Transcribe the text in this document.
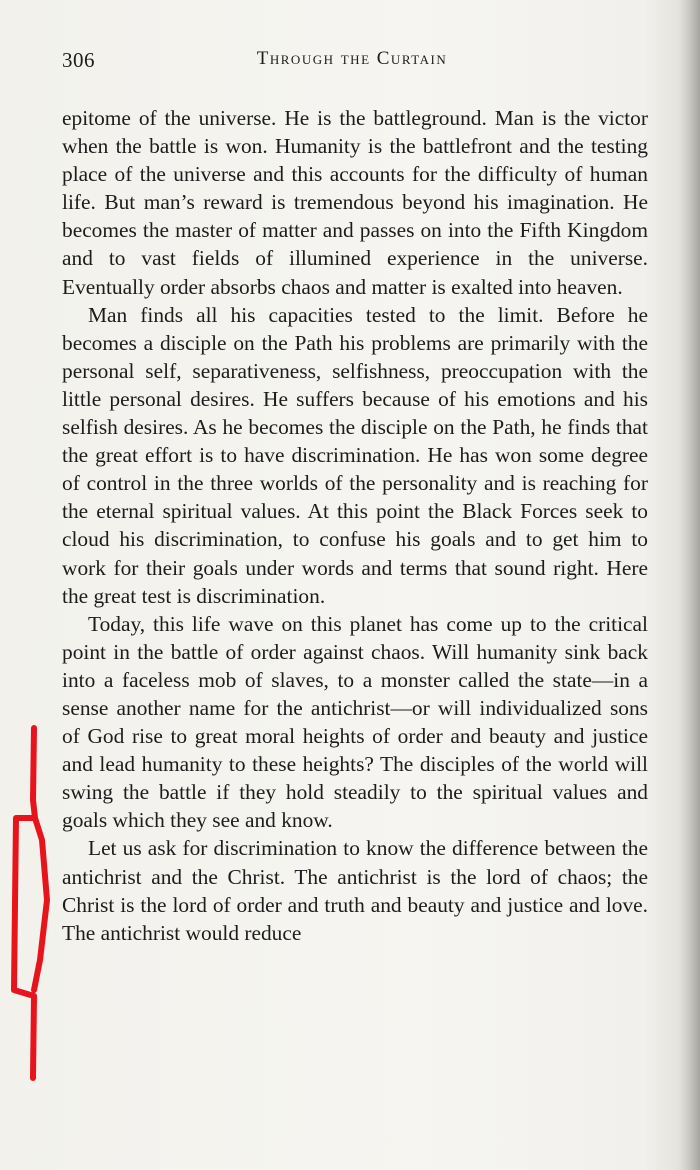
306	Through the Curtain

epitome of the universe. He is the battleground. Man is the victor when the battle is won. Humanity is the battlefront and the testing place of the universe and this accounts for the difficulty of human life. But man’s reward is tremendous beyond his imagination. He becomes the master of matter and passes on into the Fifth Kingdom and to vast fields of illumined experience in the universe. Eventually order absorbs chaos and matter is exalted into heaven.

Man finds all his capacities tested to the limit. Before he becomes a disciple on the Path his problems are primarily with the personal self, separativeness, selfishness, preoccupation with the little personal desires. He suffers because of his emotions and his selfish desires. As he becomes the disciple on the Path, he finds that the great effort is to have discrimination. He has won some degree of control in the three worlds of the personality and is reaching for the eternal spiritual values. At this point the Black Forces seek to cloud his discrimination, to confuse his goals and to get him to work for their goals under words and terms that sound right. Here the great test is discrimination.

Today, this life wave on this planet has come up to the critical point in the battle of order against chaos. Will humanity sink back into a faceless mob of slaves, to a monster called the state—in a sense another name for the antichrist—or will individualized sons of God rise to great moral heights of order and beauty and justice and lead humanity to these heights? The disciples of the world will swing the battle if they hold steadily to the spiritual values and goals which they see and know.

Let us ask for discrimination to know the difference between the antichrist and the Christ. The antichrist is the lord of chaos; the Christ is the lord of order and truth and beauty and justice and love. The antichrist would reduce
